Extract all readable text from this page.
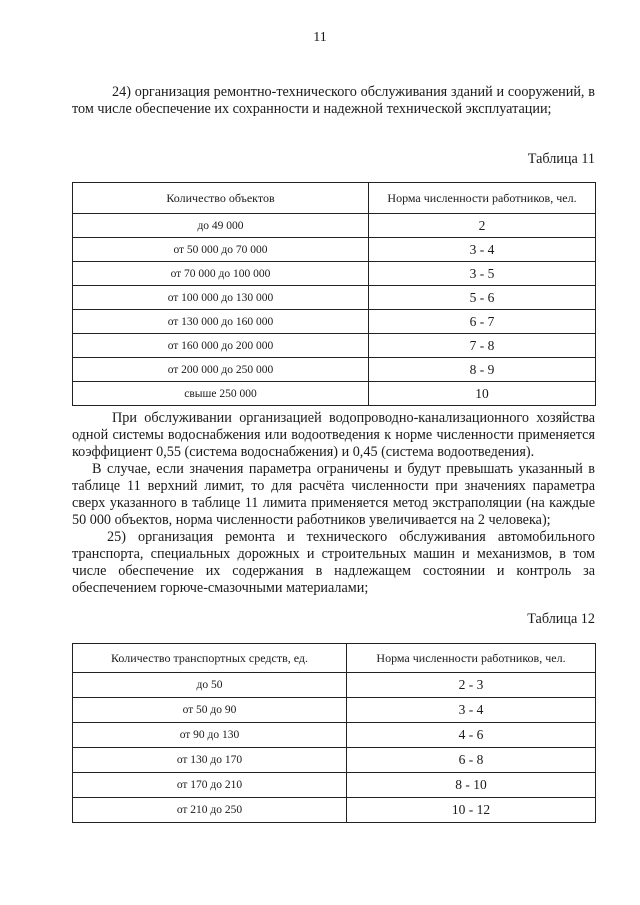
11

24) организация ремонтно-технического обслуживания зданий и сооружений, в том числе обеспечение их сохранности и надежной технической эксплуатации;

Таблица 11
Количество объектов	Норма численности работников, чел.
до 49 000	2
от 50 000 до 70 000	3 - 4
от 70 000 до 100 000	3 - 5
от 100 000 до 130 000	5 - 6
от 130 000 до 160 000	6 - 7
от 160 000 до 200 000	7 - 8
от 200 000 до 250 000	8 - 9
свыше 250 000	10

При обслуживании организацией водопроводно-канализационного хозяйства одной системы водоснабжения или водоотведения к норме численности применяется коэффициент 0,55 (система водоснабжения) и 0,45 (система водоотведения).

В случае, если значения параметра ограничены и будут превышать указанный в таблице 11 верхний лимит, то для расчёта численности при значениях параметра сверх указанного в таблице 11 лимита применяется метод экстраполяции (на каждые 50 000 объектов, норма численности работников увеличивается на 2 человека);

25) организация ремонта и технического обслуживания автомобильного транспорта, специальных дорожных и строительных машин и механизмов, в том числе обеспечение их содержания в надлежащем состоянии и контроль за обеспечением горюче-смазочными материалами;

Таблица 12
Количество транспортных средств, ед.	Норма численности работников, чел.
до 50	2 - 3
от 50 до 90	3 - 4
от 90 до 130	4 - 6
от 130 до 170	6 - 8
от 170 до 210	8 - 10
от 210 до 250	10 - 12
